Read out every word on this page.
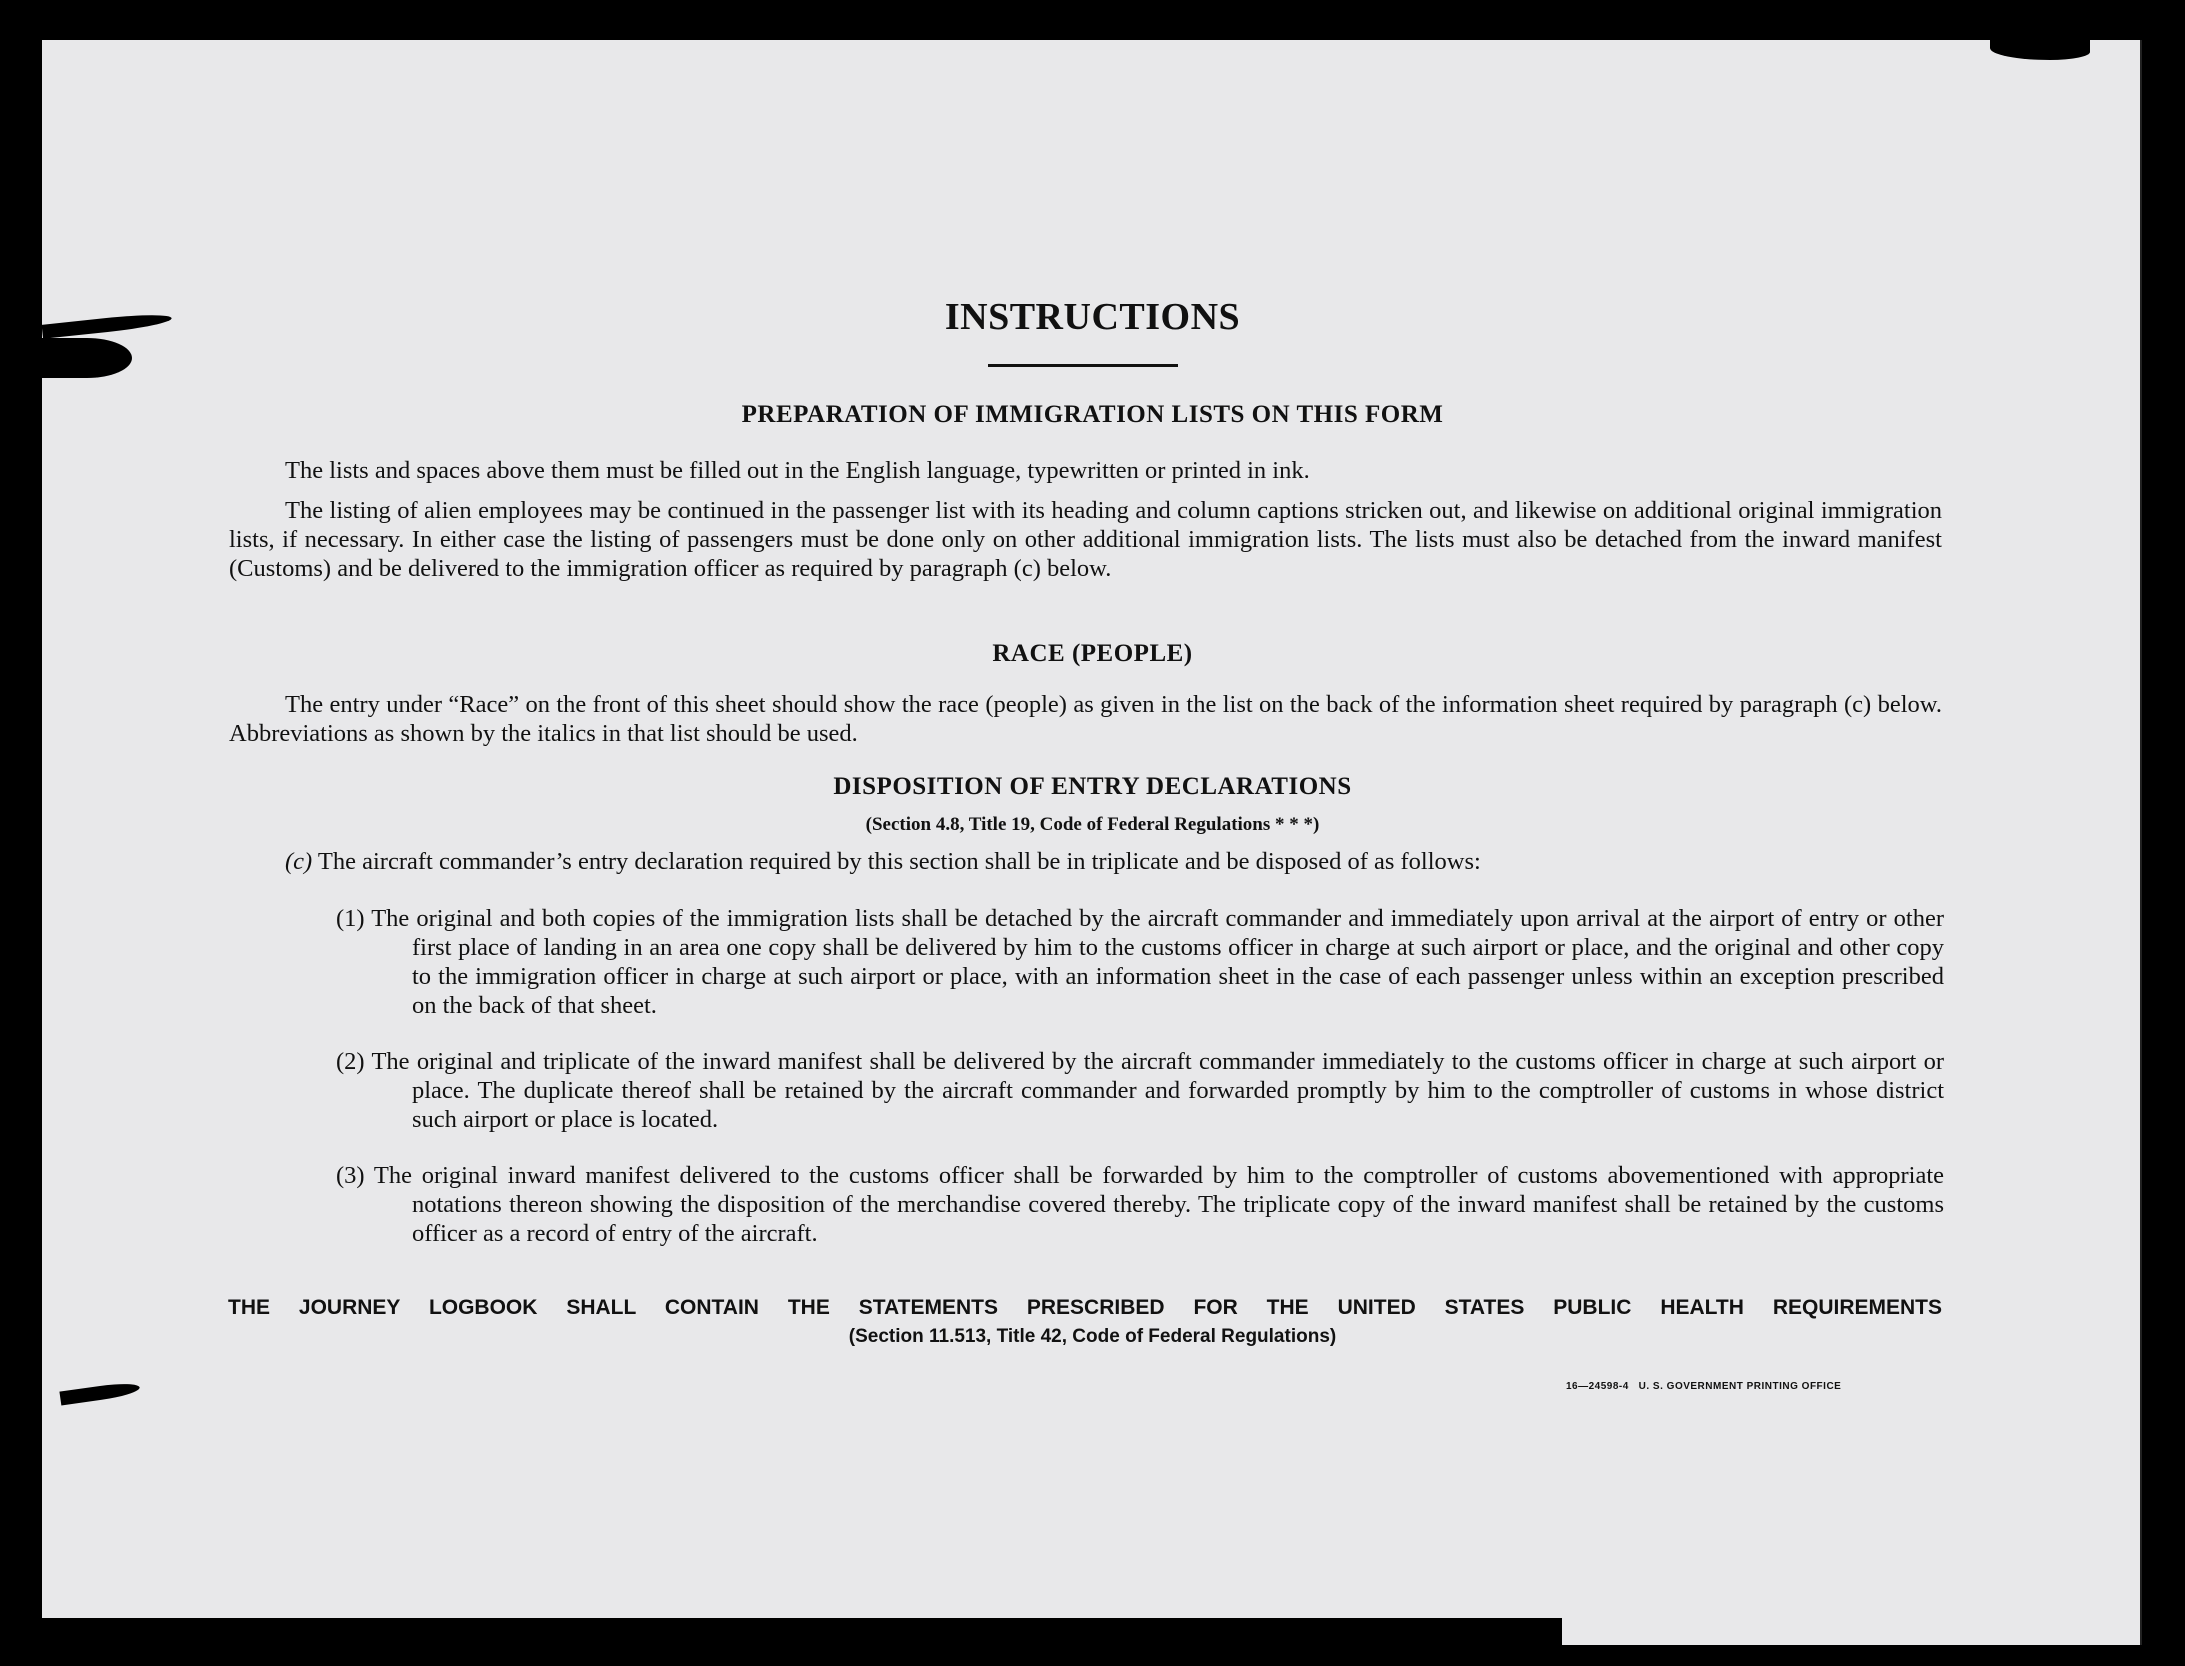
INSTRUCTIONS
PREPARATION OF IMMIGRATION LISTS ON THIS FORM
The lists and spaces above them must be filled out in the English language, typewritten or printed in ink.
The listing of alien employees may be continued in the passenger list with its heading and column captions stricken out, and likewise on additional original immigration lists, if necessary. In either case the listing of passengers must be done only on other additional immigration lists. The lists must also be detached from the inward manifest (Customs) and be delivered to the immigration officer as required by paragraph (c) below.
RACE (PEOPLE)
The entry under “Race” on the front of this sheet should show the race (people) as given in the list on the back of the information sheet required by paragraph (c) below. Abbreviations as shown by the italics in that list should be used.
DISPOSITION OF ENTRY DECLARATIONS
(Section 4.8, Title 19, Code of Federal Regulations * * *)
(c) The aircraft commander’s entry declaration required by this section shall be in triplicate and be disposed of as follows:
(1) The original and both copies of the immigration lists shall be detached by the aircraft commander and immediately upon arrival at the airport of entry or other first place of landing in an area one copy shall be delivered by him to the customs officer in charge at such airport or place, and the original and other copy to the immigration officer in charge at such airport or place, with an information sheet in the case of each passenger unless within an exception prescribed on the back of that sheet.
(2) The original and triplicate of the inward manifest shall be delivered by the aircraft commander immediately to the customs officer in charge at such airport or place. The duplicate thereof shall be retained by the aircraft commander and forwarded promptly by him to the comptroller of customs in whose district such airport or place is located.
(3) The original inward manifest delivered to the customs officer shall be forwarded by him to the comptroller of customs abovementioned with appropriate notations thereon showing the disposition of the merchandise covered thereby. The triplicate copy of the inward manifest shall be retained by the customs officer as a record of entry of the aircraft.
THE JOURNEY LOGBOOK SHALL CONTAIN THE STATEMENTS PRESCRIBED FOR THE UNITED STATES PUBLIC HEALTH REQUIREMENTS
(Section 11.513, Title 42, Code of Federal Regulations)
16—24598-4   U. S. GOVERNMENT PRINTING OFFICE
